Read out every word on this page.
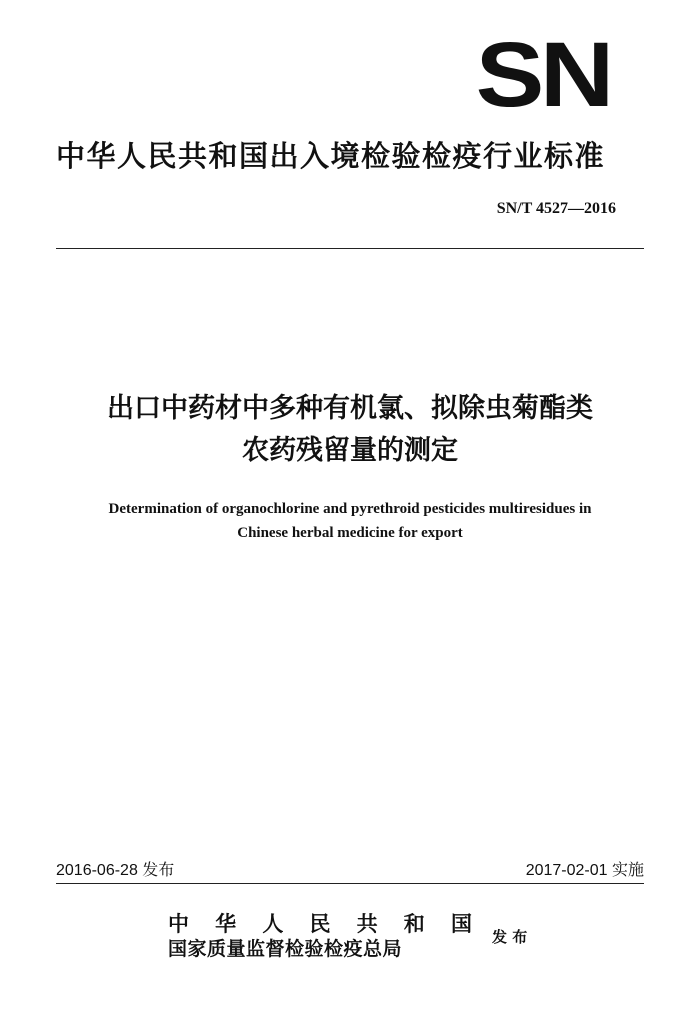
SN
中华人民共和国出入境检验检疫行业标准
SN/T 4527—2016
出口中药材中多种有机氯、拟除虫菊酯类
农药残留量的测定
Determination of organochlorine and pyrethroid pesticides multiresidues in
Chinese herbal medicine for export
2016-06-28 发布	2017-02-01 实施
中 华 人 民 共 和 国
国家质量监督检验检疫总局
发 布
